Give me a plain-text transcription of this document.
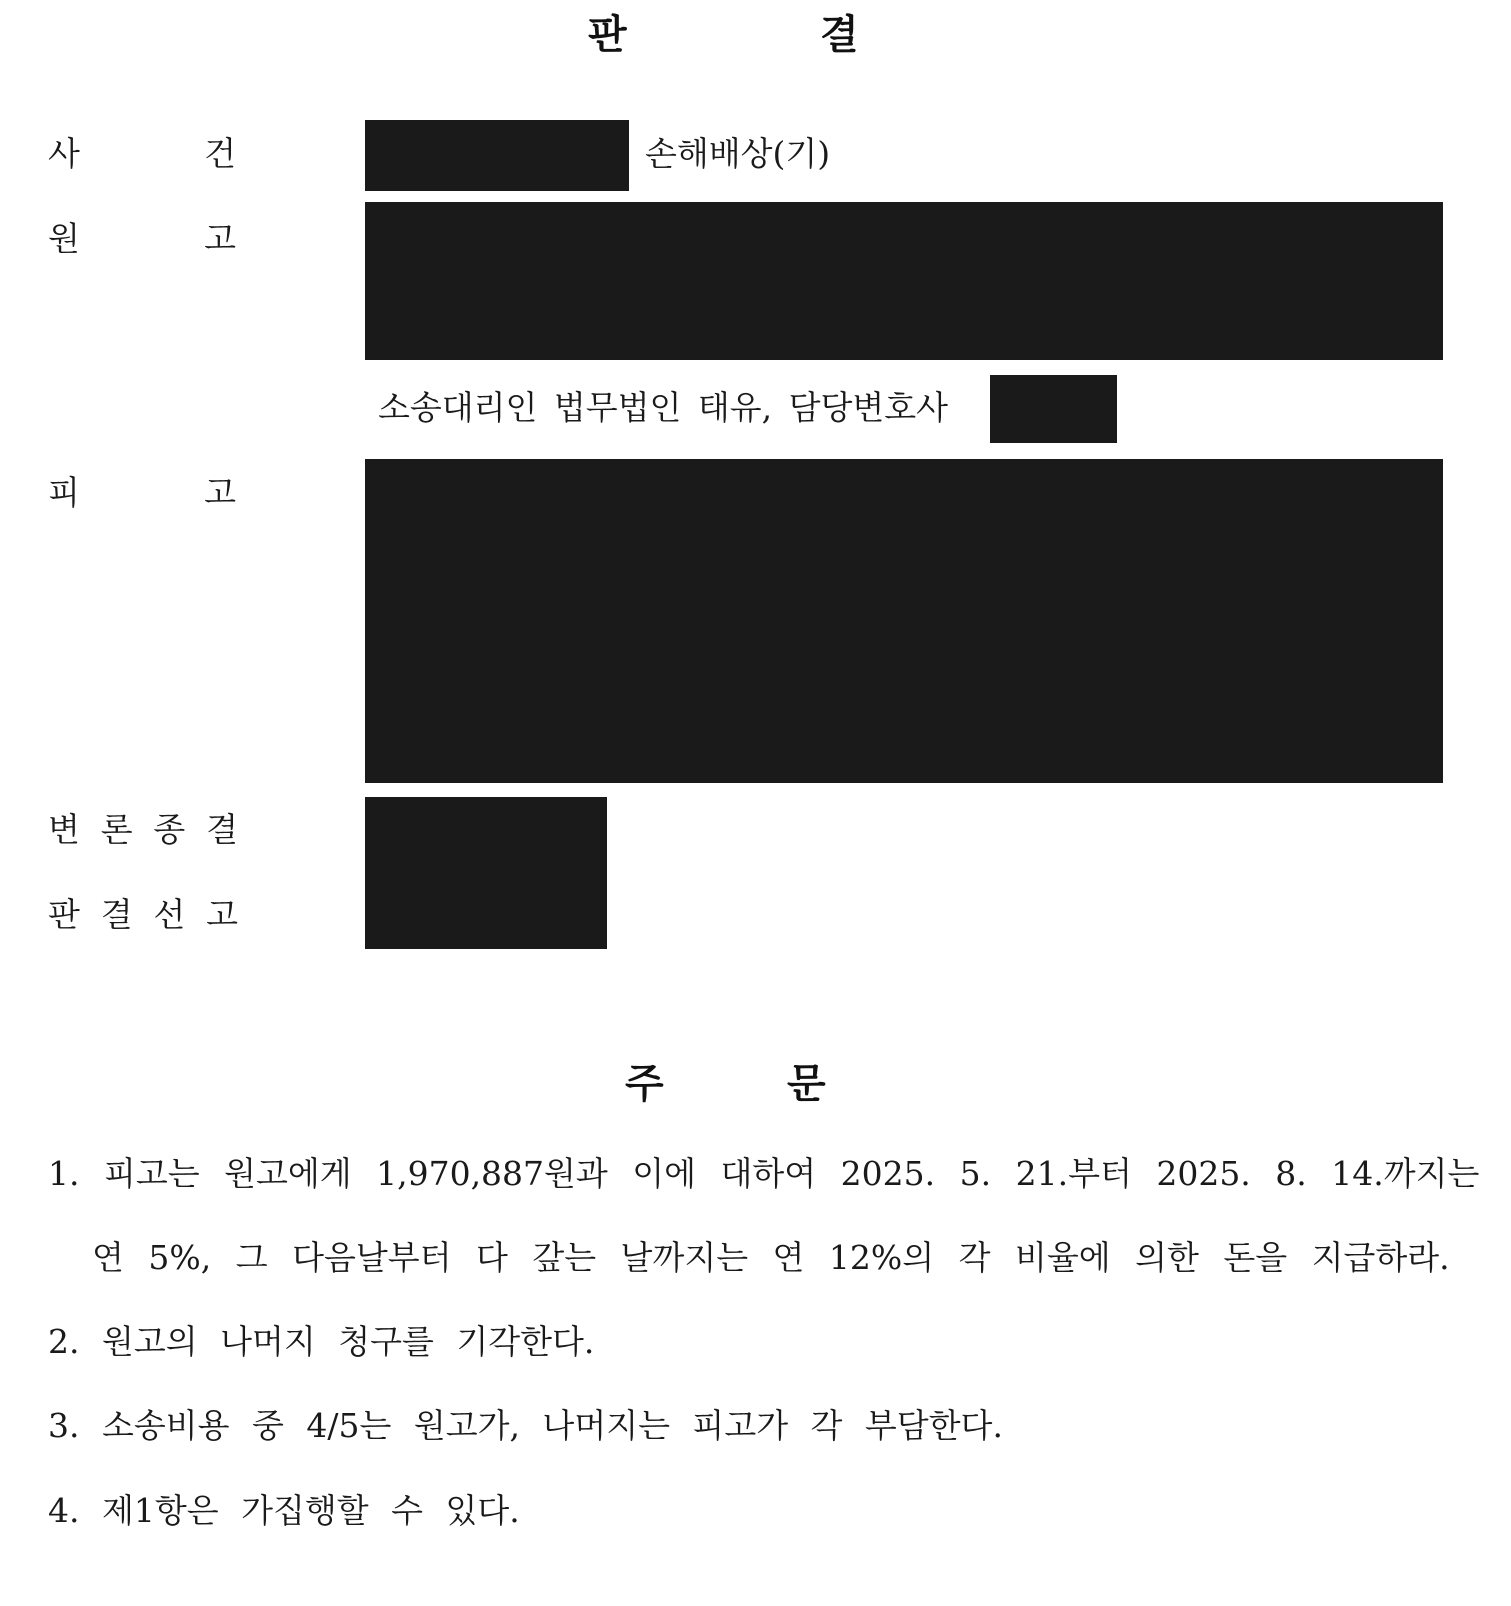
판	결
사	건	손해배상(기)
원	고
소송대리인 법무법인 태유, 담당변호사
피	고
변 론 종 결
판 결 선 고
주	문
1. 피고는 원고에게 1,970,887원과 이에 대하여 2025. 5. 21.부터 2025. 8. 14.까지는
연 5%, 그 다음날부터 다 갚는 날까지는 연 12%의 각 비율에 의한 돈을 지급하라.
2. 원고의 나머지 청구를 기각한다.
3. 소송비용 중 4/5는 원고가, 나머지는 피고가 각 부담한다.
4. 제1항은 가집행할 수 있다.
